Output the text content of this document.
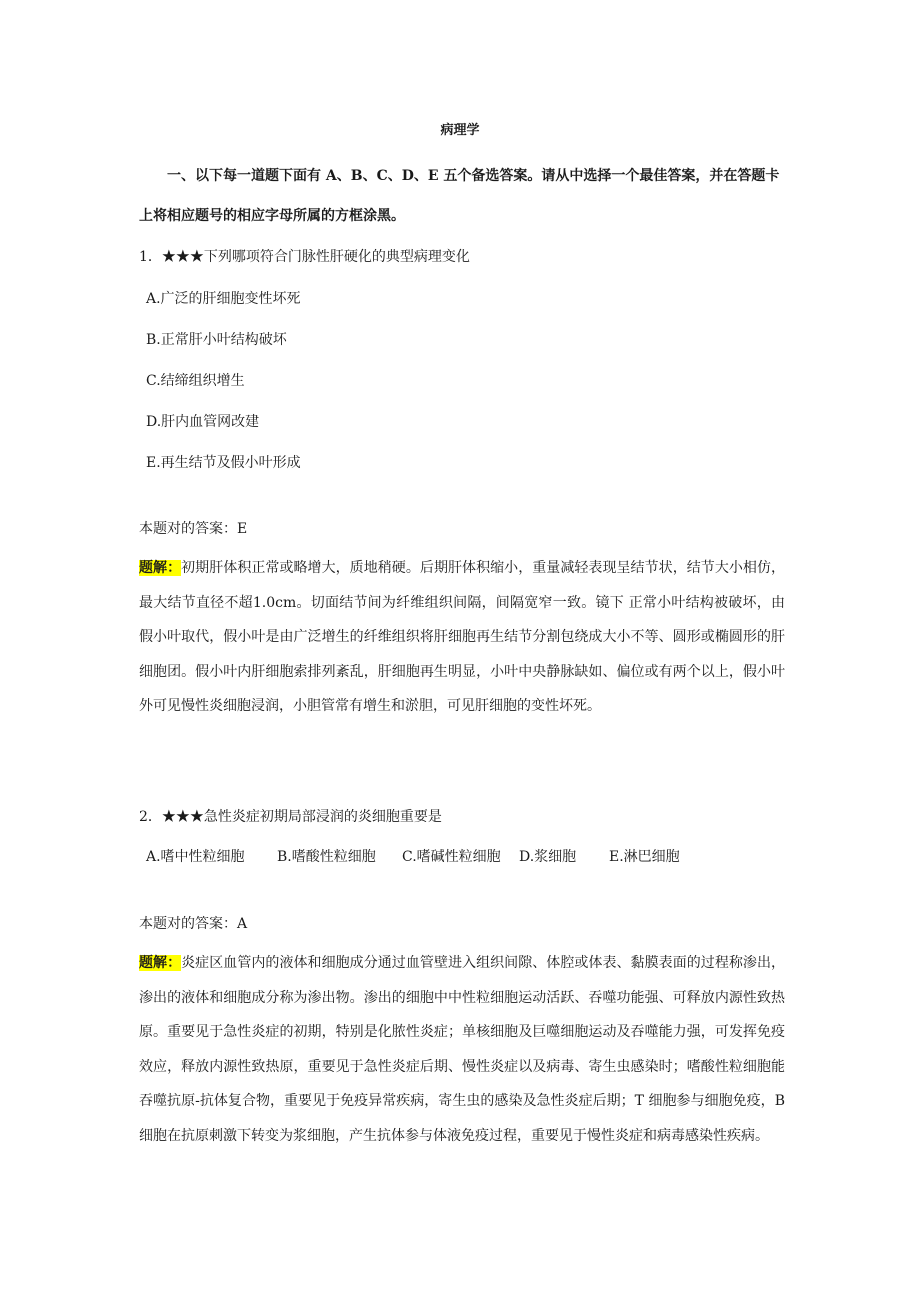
病理学
一、以下每一道题下面有 A、B、C、D、E 五个备选答案。请从中选择一个最佳答案，并在答题卡上将相应题号的相应字母所属的方框涂黑。
1．★★★下列哪项符合门脉性肝硬化的典型病理变化
A.广泛的肝细胞变性坏死
B.正常肝小叶结构破坏
C.结缔组织增生
D.肝内血管网改建
E.再生结节及假小叶形成
本题对的答案：E
题解：初期肝体积正常或略增大，质地稍硬。后期肝体积缩小，重量减轻表现呈结节状，结节大小相仿，最大结节直径不超1.0cm。切面结节间为纤维组织间隔，间隔宽窄一致。镜下 正常小叶结构被破坏，由假小叶取代，假小叶是由广泛增生的纤维组织将肝细胞再生结节分割包绕成大小不等、圆形或椭圆形的肝细胞团。假小叶内肝细胞索排列紊乱，肝细胞再生明显，小叶中央静脉缺如、偏位或有两个以上，假小叶外可见慢性炎细胞浸润，小胆管常有增生和淤胆，可见肝细胞的变性坏死。
2．★★★急性炎症初期局部浸润的炎细胞重要是
A.嗜中性粒细胞 B.嗜酸性粒细胞 C.嗜碱性粒细胞 D.浆细胞 E.淋巴细胞
本题对的答案：A
题解：炎症区血管内的液体和细胞成分通过血管壁进入组织间隙、体腔或体表、黏膜表面的过程称渗出，渗出的液体和细胞成分称为渗出物。渗出的细胞中中性粒细胞运动活跃、吞噬功能强、可释放内源性致热原。重要见于急性炎症的初期，特别是化脓性炎症；单核细胞及巨噬细胞运动及吞噬能力强，可发挥免疫效应，释放内源性致热原，重要见于急性炎症后期、慢性炎症以及病毒、寄生虫感染时；嗜酸性粒细胞能吞噬抗原-抗体复合物，重要见于免疫异常疾病，寄生虫的感染及急性炎症后期；T 细胞参与细胞免疫，B 细胞在抗原刺激下转变为浆细胞，产生抗体参与体液免疫过程，重要见于慢性炎症和病毒感染性疾病。
